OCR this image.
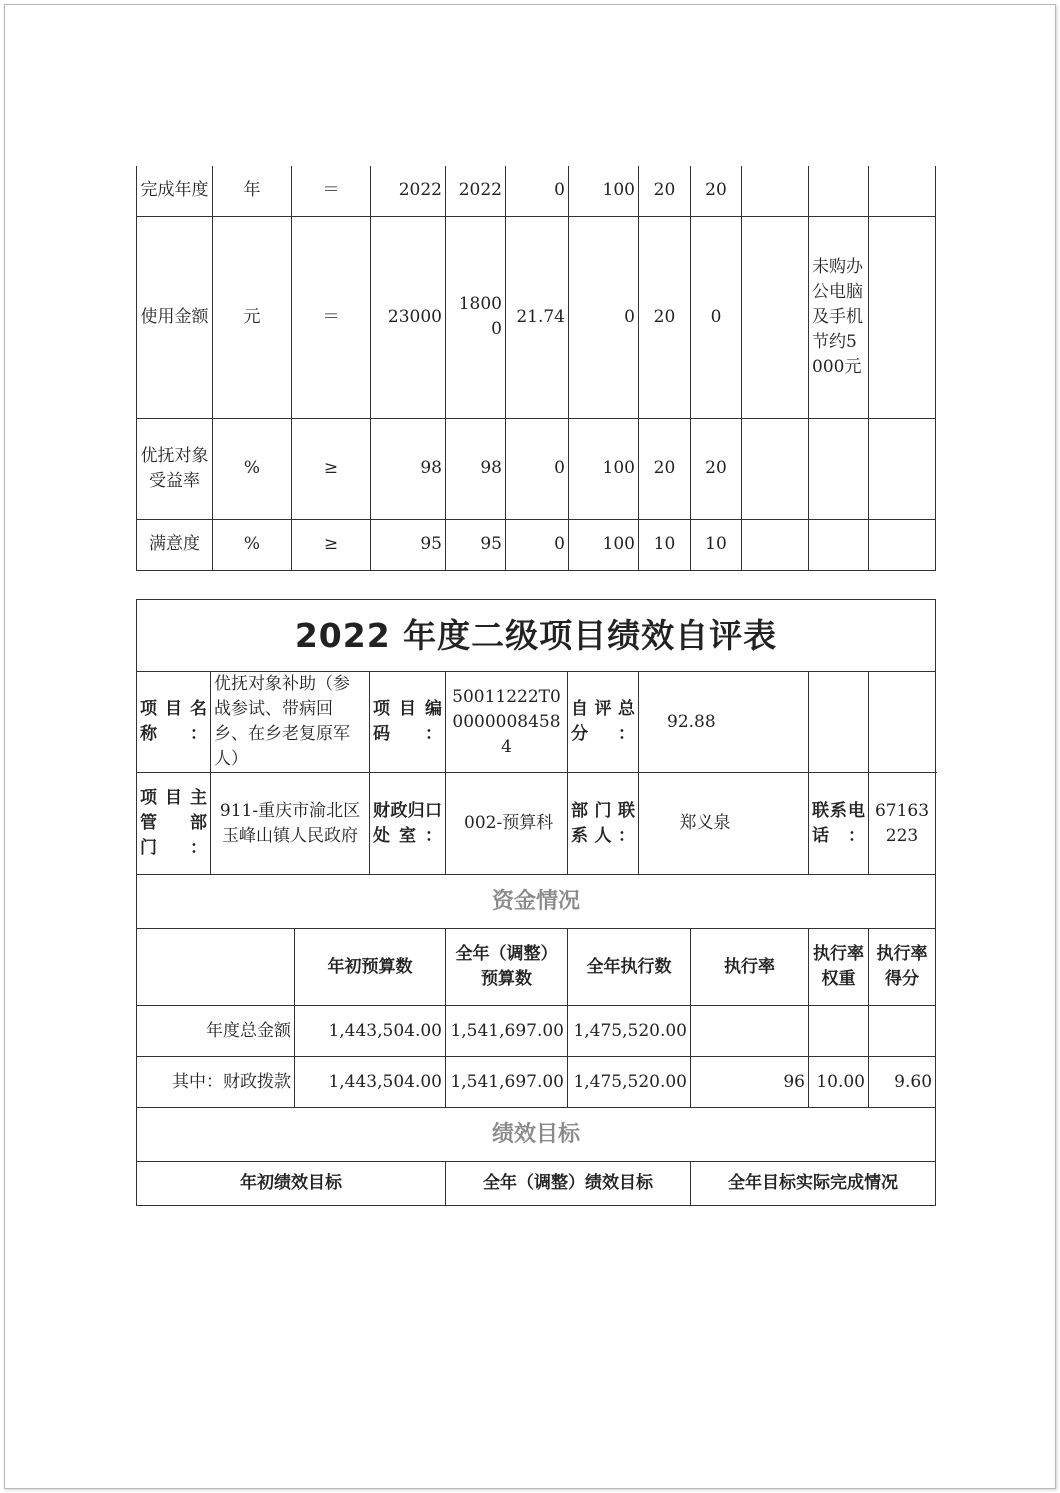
完成年度	年	＝	2022	2022	0	100	20	20			
使用金额	元	＝	23000	18000	21.74	0	20	0		未购办公电脑及手机节约5000元	
优抚对象受益率	%	≥	98	98	0	100	20	20			
满意度	%	≥	95	95	0	100	10	10			
2022 年度二级项目绩效自评表									
项目名称：	优抚对象补助（参战参试、带病回乡、在乡老复原军人）		项目编码：	50011222T000000084584	自评总分：	92.88			
项目主管部门：	911-重庆市渝北区玉峰山镇人民政府		财政归口处室：	002-预算科	部门联系人：	郑义泉		联系电话：	67163223
资金情况									
		年初预算数		全年（调整）预算数	全年执行数		执行率	执行率权重	执行率得分
年度总金额		1,443,504.00		1,541,697.00	1,475,520.00				
其中：财政拨款		1,443,504.00		1,541,697.00	1,475,520.00		96	10.00	9.60
绩效目标									
年初绩效目标				全年（调整）绩效目标			全年目标实际完成情况		
